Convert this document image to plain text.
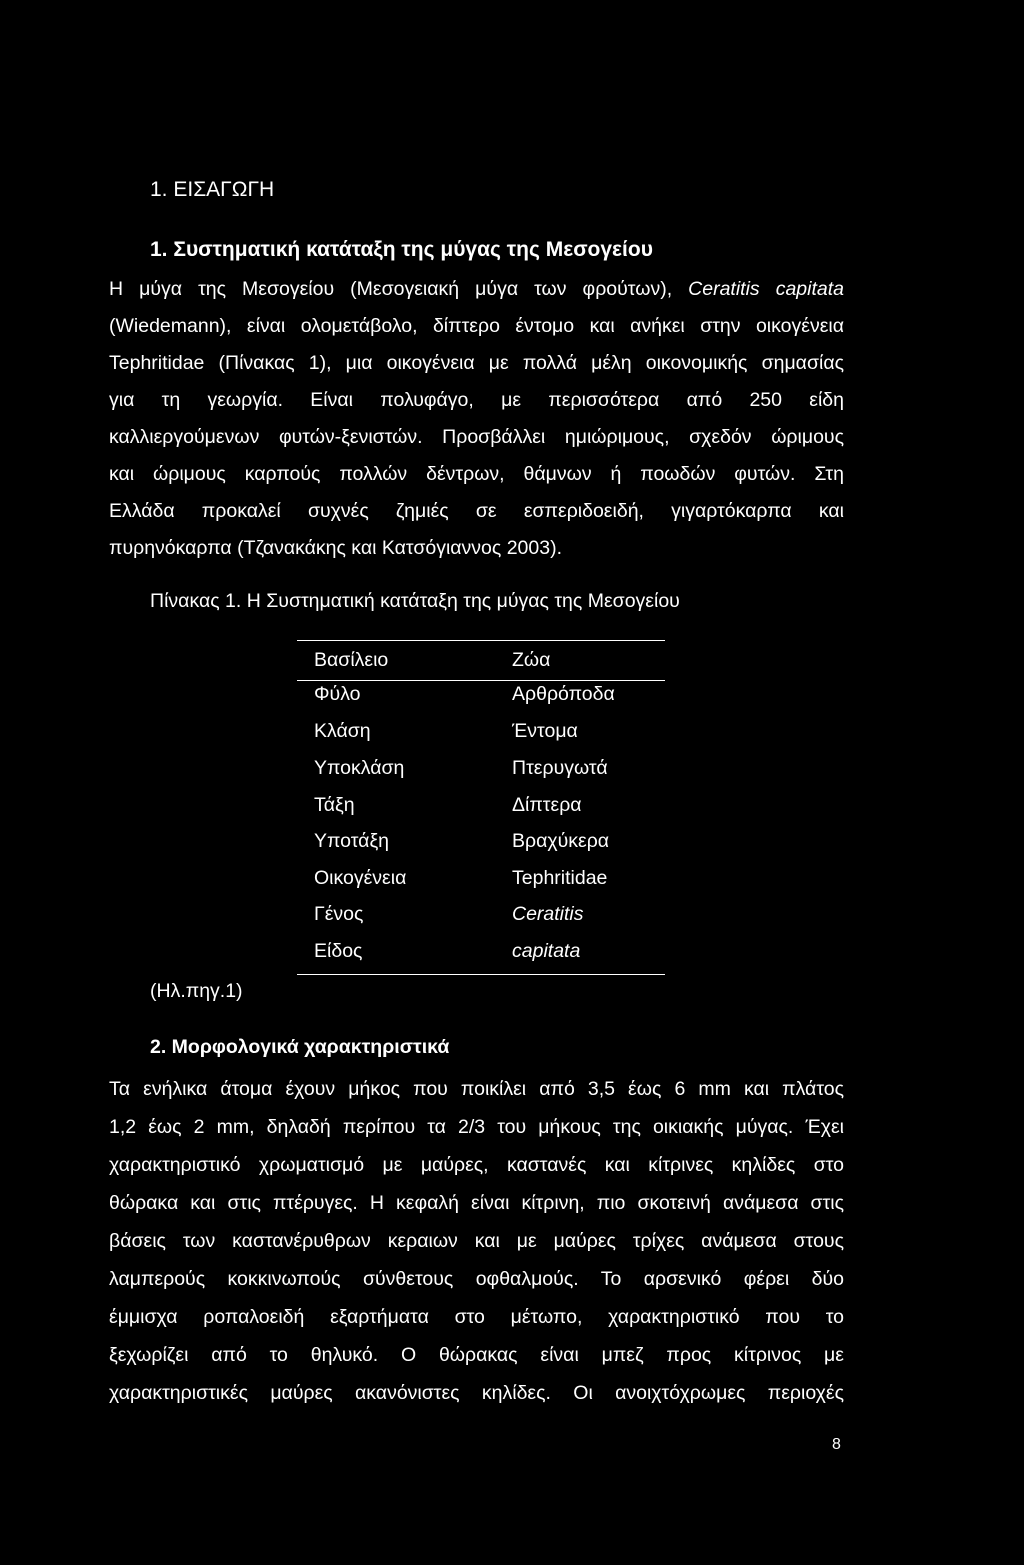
1. ΕΙΣΑΓΩΓΗ
1. Συστηματική κατάταξη της μύγας της Μεσογείου
Η μύγα της Μεσογείου (Μεσογειακή μύγα των φρούτων), Ceratitis capitata
(Wiedemann), είναι ολομετάβολο, δίπτερο έντομο και ανήκει στην οικογένεια
Tephritidae (Πίνακας 1), μια οικογένεια με πολλά μέλη οικονομικής σημασίας
για τη γεωργία. Είναι πολυφάγο, με περισσότερα από 250 είδη
καλλιεργούμενων φυτών-ξενιστών. Προσβάλλει ημιώριμους, σχεδόν ώριμους
και ώριμους καρπούς πολλών δέντρων, θάμνων ή ποωδών φυτών. Στη
Ελλάδα προκαλεί συχνές ζημιές σε εσπεριδοειδή, γιγαρτόκαρπα και
πυρηνόκαρπα (Τζανακάκης και Κατσόγιαννος 2003).
Πίνακας 1. Η Συστηματική κατάταξη της μύγας της Μεσογείου
Βασίλειο	Ζώα
Φύλο	Αρθρόποδα
Κλάση	Έντομα
Υποκλάση	Πτερυγωτά
Τάξη	Δίπτερα
Υποτάξη	Βραχύκερα
Οικογένεια	Tephritidae
Γένος	Ceratitis
Είδος	capitata
(Ηλ.πηγ.1)
2. Μορφολογικά χαρακτηριστικά
Τα ενήλικα άτομα έχουν μήκος που ποικίλει από 3,5 έως 6 mm και πλάτος
1,2 έως 2 mm, δηλαδή περίπου τα 2/3 του μήκους της οικιακής μύγας. Έχει
χαρακτηριστικό χρωματισμό με μαύρες, καστανές και κίτρινες κηλίδες στο
θώρακα και στις πτέρυγες. Η κεφαλή είναι κίτρινη, πιο σκοτεινή ανάμεσα στις
βάσεις των καστανέρυθρων κεραιων και με μαύρες τρίχες ανάμεσα στους
λαμπερούς κοκκινωπούς σύνθετους οφθαλμούς. Το αρσενικό φέρει δύο
έμμισχα ροπαλοειδή εξαρτήματα στο μέτωπο, χαρακτηριστικό που το
ξεχωρίζει από το θηλυκό. Ο θώρακας είναι μπεζ προς κίτρινος με
χαρακτηριστικές μαύρες ακανόνιστες κηλίδες. Οι ανοιχτόχρωμες περιοχές
8
